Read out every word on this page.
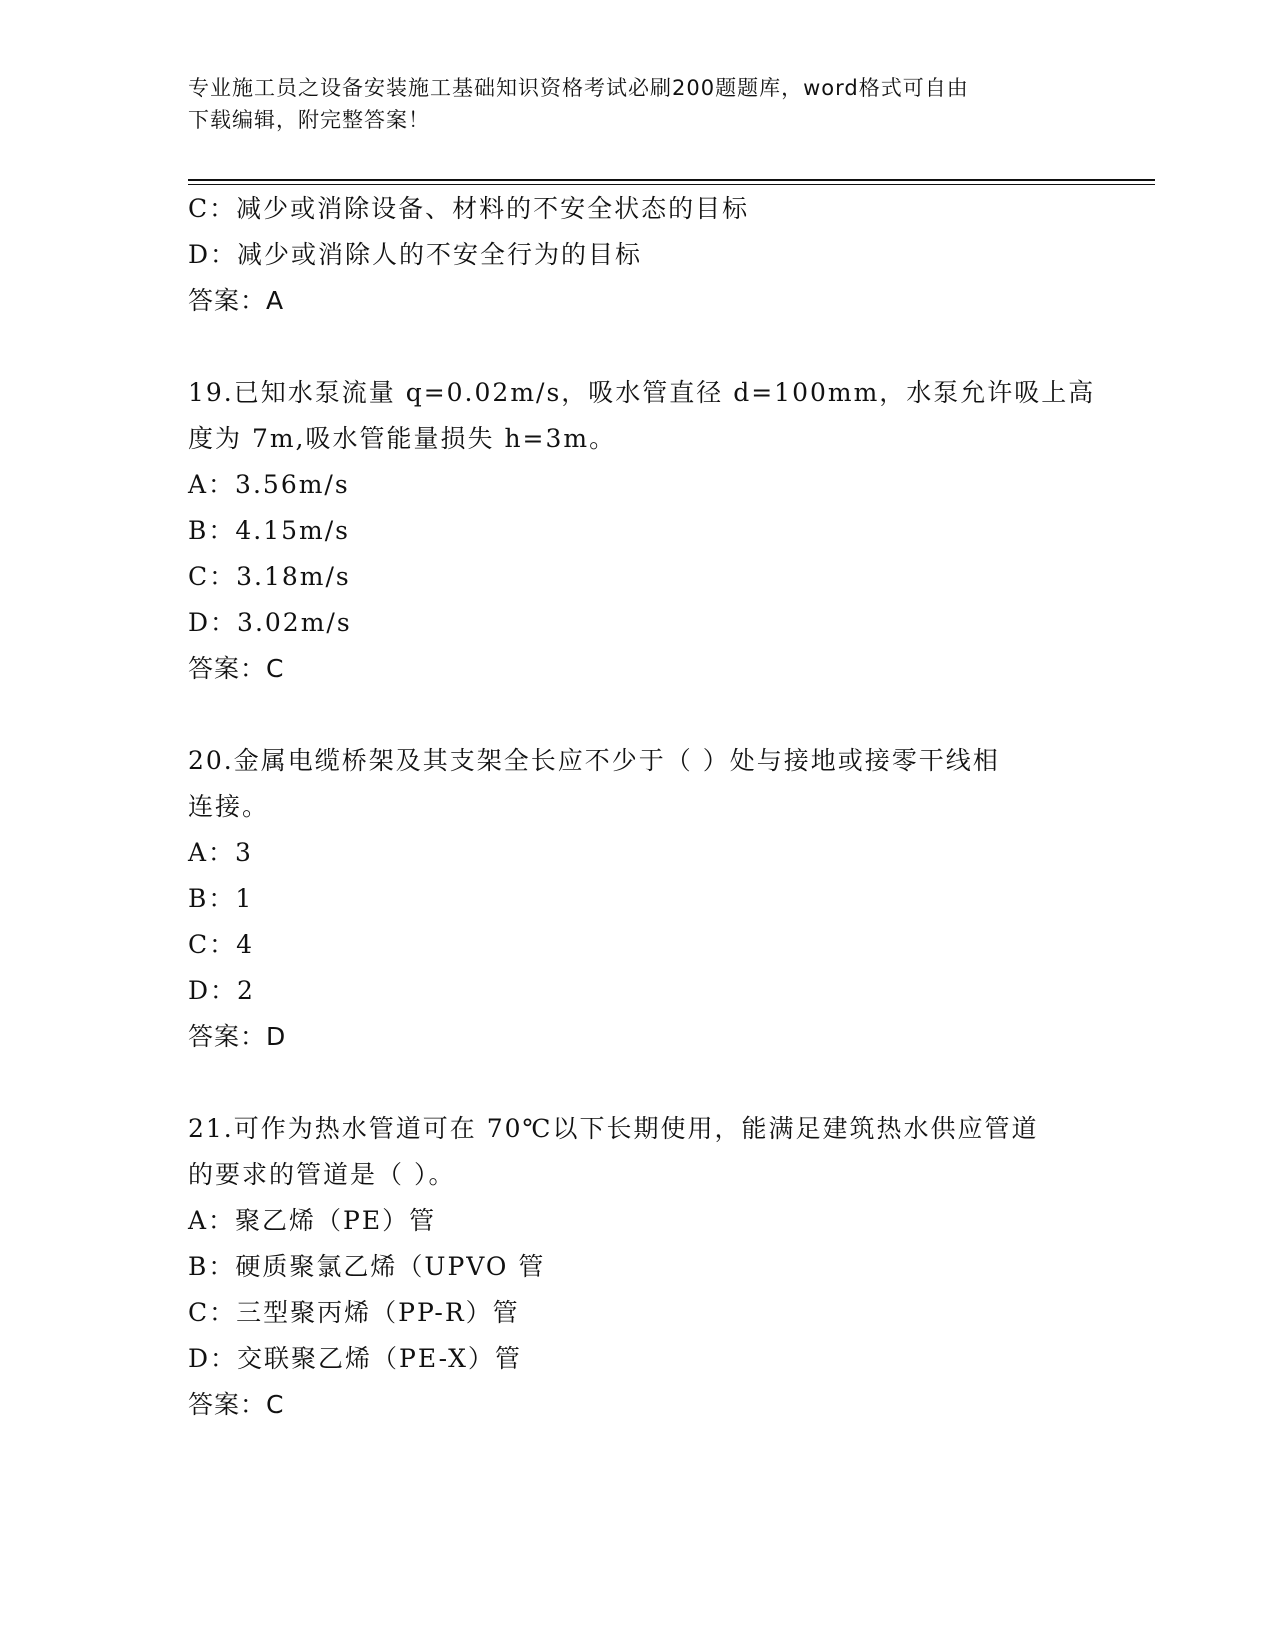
专业施工员之设备安装施工基础知识资格考试必刷200题题库，word格式可自由
下载编辑，附完整答案！
C：减少或消除设备、材料的不安全状态的目标
D：减少或消除人的不安全行为的目标
答案：A
19.已知水泵流量 q=0.02m/s，吸水管直径 d=100mm，水泵允许吸上高
度为 7m,吸水管能量损失 h=3m。
A：3.56m/s
B：4.15m/s
C：3.18m/s
D：3.02m/s
答案：C
20.金属电缆桥架及其支架全长应不少于（ ）处与接地或接零干线相
连接。
A：3
B：1
C：4
D：2
答案：D
21.可作为热水管道可在 70℃以下长期使用，能满足建筑热水供应管道
的要求的管道是（ ）。
A：聚乙烯（PE）管
B：硬质聚氯乙烯（UPVO 管
C：三型聚丙烯（PP-R）管
D：交联聚乙烯（PE-X）管
答案：C
